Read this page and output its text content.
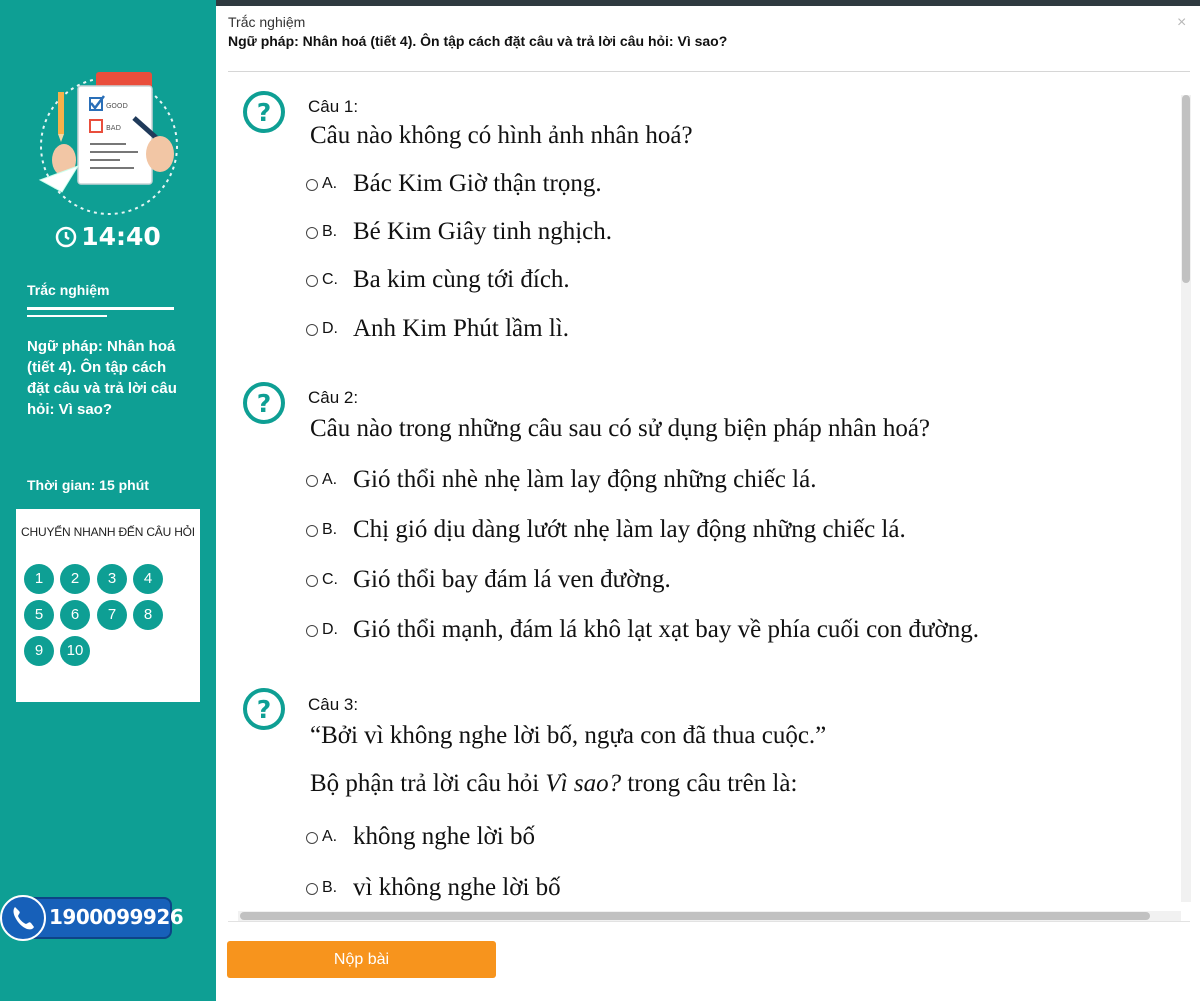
GOOD
BAD
14:40
Trắc nghiệm
Ngữ pháp: Nhân hoá (tiết 4). Ôn tập cách đặt câu và trả lời câu hỏi: Vì sao?
Thời gian: 15 phút
CHUYỂN NHANH ĐẾN CÂU HỎI
1	2	3	4
5	6	7	8
9	10
1900099926
Trắc nghiệm
Ngữ pháp: Nhân hoá (tiết 4). Ôn tập cách đặt câu và trả lời câu hỏi: Vì sao?
×
? Câu 1:
Câu nào không có hình ảnh nhân hoá?
A. Bác Kim Giờ thận trọng.
B. Bé Kim Giây tinh nghịch.
C. Ba kim cùng tới đích.
D. Anh Kim Phút lầm lì.
? Câu 2:
Câu nào trong những câu sau có sử dụng biện pháp nhân hoá?
A. Gió thổi nhè nhẹ làm lay động những chiếc lá.
B. Chị gió dịu dàng lướt nhẹ làm lay động những chiếc lá.
C. Gió thổi bay đám lá ven đường.
D. Gió thổi mạnh, đám lá khô lạt xạt bay về phía cuối con đường.
? Câu 3:
“Bởi vì không nghe lời bố, ngựa con đã thua cuộc.”
Bộ phận trả lời câu hỏi Vì sao? trong câu trên là:
A. không nghe lời bố
B. vì không nghe lời bố
Nộp bài
